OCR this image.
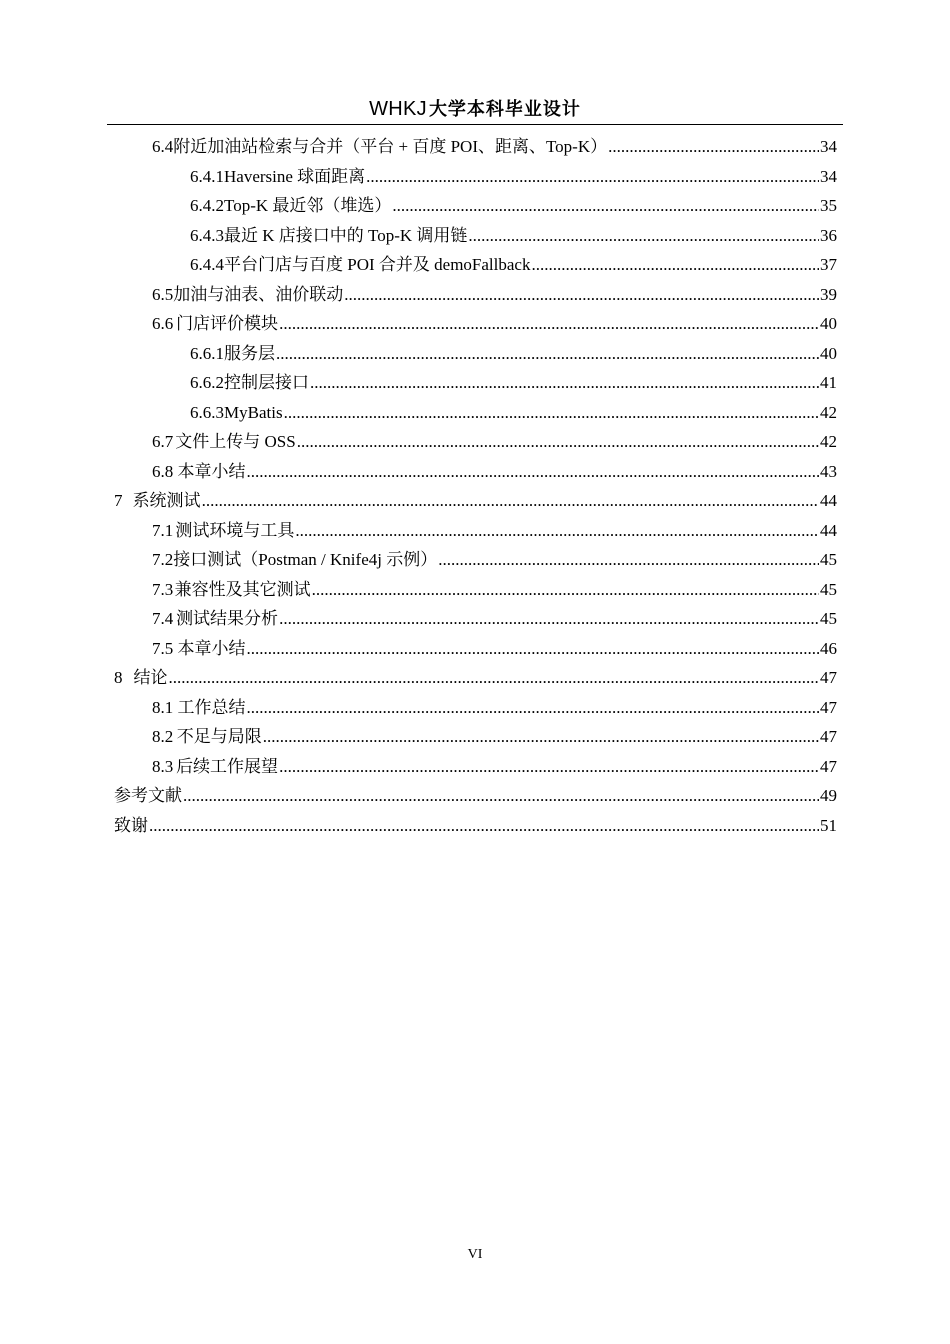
WHKJ 大学本科毕业设计
6.4 附近加油站检索与合并（平台 + 百度 POI、距离、Top-K） .....	34
6.4.1 Haversine 球面距离 .....	34
6.4.2 Top-K 最近邻（堆选） .....	35
6.4.3 最近 K 店接口中的 Top-K 调用链 .....	36
6.4.4 平台门店与百度 POI 合并及 demoFallback .....	37
6.5 加油与油表、油价联动 .....	39
6.6 门店评价模块 .....	40
6.6.1 服务层 .....	40
6.6.2 控制层接口 .....	41
6.6.3 MyBatis .....	42
6.7 文件上传与 OSS .....	42
6.8 本章小结 .....	43
7 系统测试 .....	44
7.1 测试环境与工具 .....	44
7.2 接口测试（Postman / Knife4j 示例） .....	45
7.3 兼容性及其它测试 .....	45
7.4 测试结果分析 .....	45
7.5 本章小结 .....	46
8 结论 .....	47
8.1 工作总结 .....	47
8.2 不足与局限 .....	47
8.3 后续工作展望 .....	47
参考文献 .....	49
致谢 .....	51
VI
